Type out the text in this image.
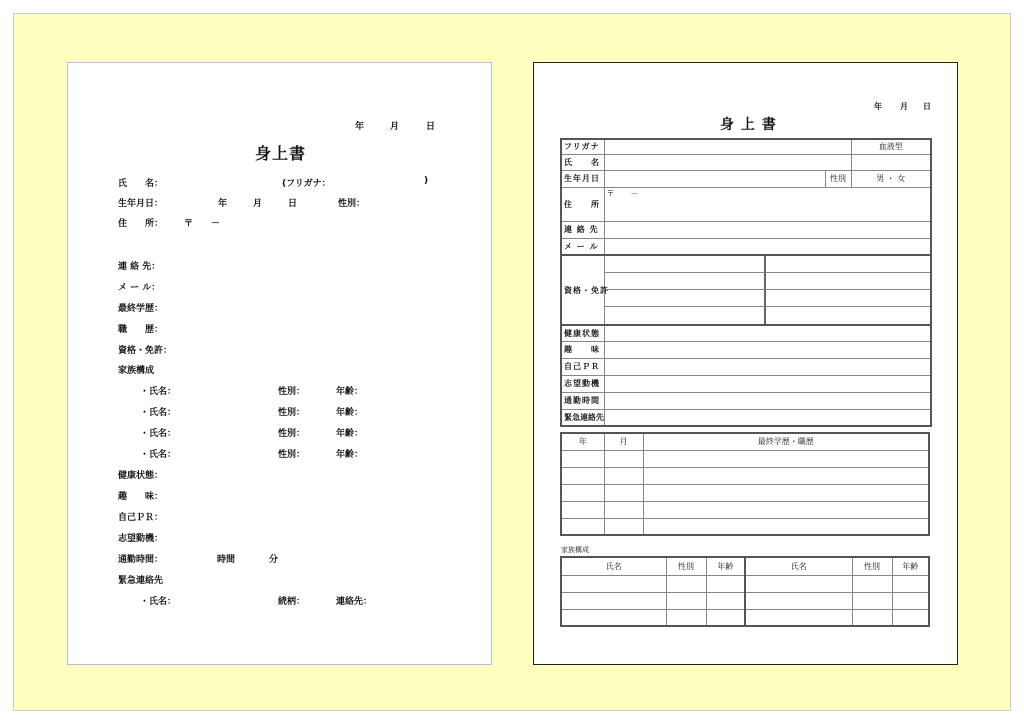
年	月	日
身上書
氏　　名：	(フリガナ：	)
生年月日：	年	月	日	性別：
住　　所： 〒　　－
連 絡 先：
メ ー ル：
最終学歴：
職　　歴：
資格・免許：
家族構成
・氏名：	性別：	年齢：
・氏名：	性別：	年齢：
・氏名：	性別：	年齢：
・氏名：	性別：	年齢：
健康状態：
趣　　味：
自己ＰＲ：
志望動機：
通勤時間：	時間	分
緊急連絡先
・氏名：	続柄：	連絡先：
年 月 日
身 上 書
フリガナ			血液型
氏　　名			
生年月日		性別	男 ・ 女
住　　所	〒　　－		
連 絡 先			
メ ー ル			
資格・免許			

健康状態			
趣　　味			
自己ＰＲ			
志望動機			
通勤時間			
緊急連絡先			
年	月	最終学歴・職歴

家族構成
氏名	性別	年齢	氏名	性別	年齢
